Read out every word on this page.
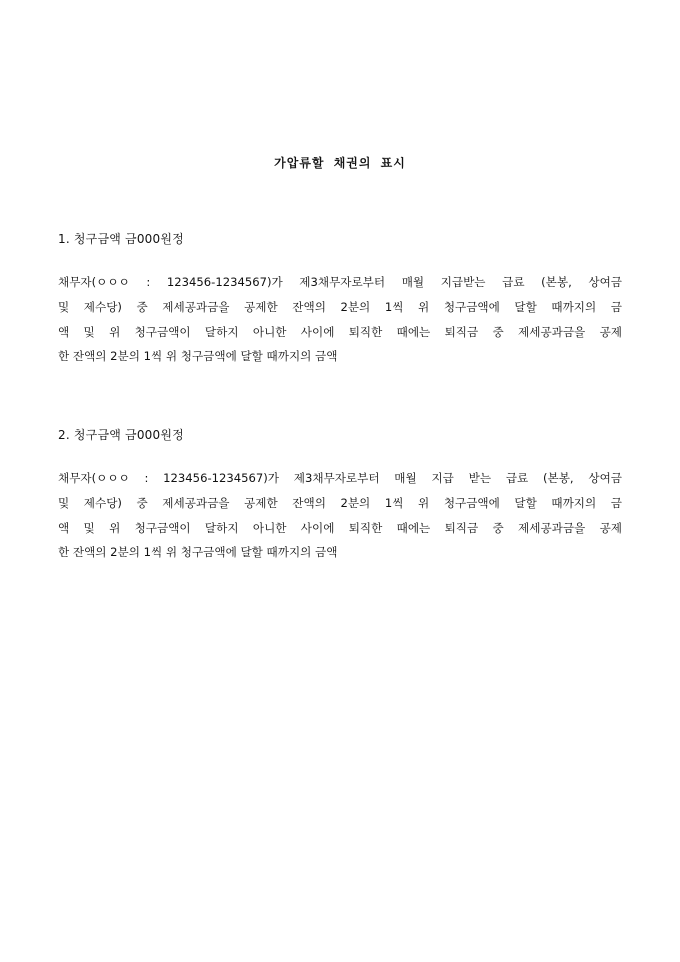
가압류할 채권의 표시

1. 청구금액 금000원정

채무자(ㅇㅇㅇ : 123456-1234567)가 제3채무자로부터 매월 지급받는 급료 (본봉, 상여금
및 제수당) 중 제세공과금을 공제한 잔액의 2분의 1씩 위 청구금액에 달할 때까지의 금
액 및 위 청구금액이 달하지 아니한 사이에 퇴직한 때에는 퇴직금 중 제세공과금을 공제
한 잔액의 2분의 1씩 위 청구금액에 달할 때까지의 금액

2. 청구금액 금000원정

채무자(ㅇㅇㅇ : 123456-1234567)가 제3채무자로부터 매월 지급 받는 급료 (본봉, 상여금
및 제수당) 중 제세공과금을 공제한 잔액의 2분의 1씩 위 청구금액에 달할 때까지의 금
액 및 위 청구금액이 달하지 아니한 사이에 퇴직한 때에는 퇴직금 중 제세공과금을 공제
한 잔액의 2분의 1씩 위 청구금액에 달할 때까지의 금액
